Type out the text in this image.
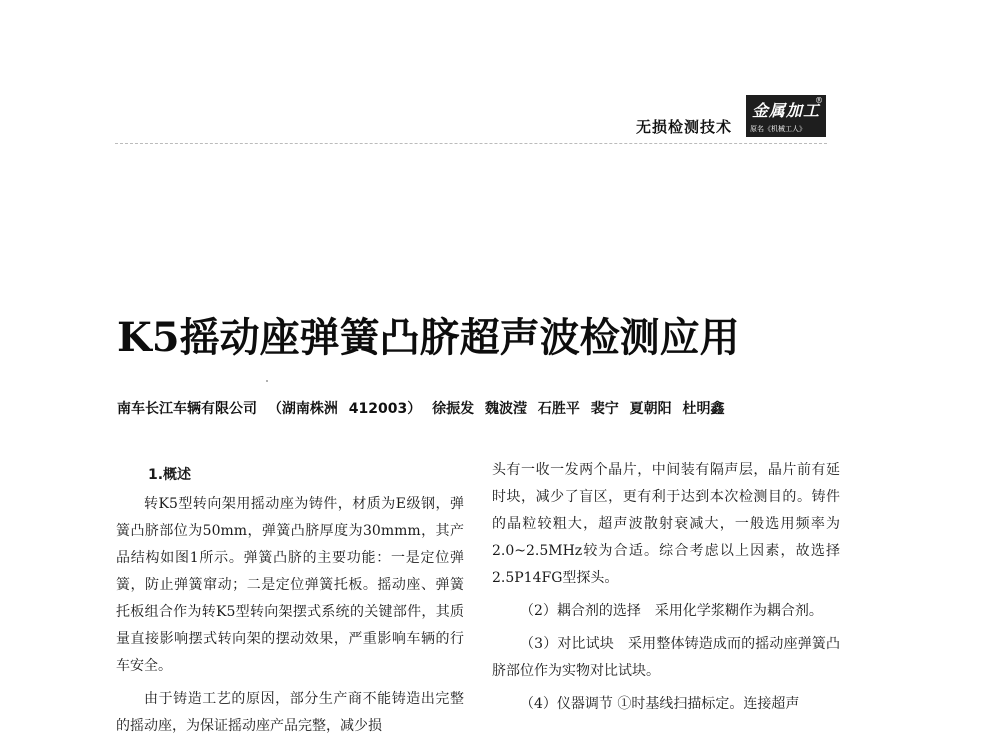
无损检测技术
金属加工
®
原名《机械工人》
K5摇动座弹簧凸脐超声波检测应用
南车长江车辆有限公司 （湖南株洲 412003） 徐振发 魏波滢 石胜平 裴宁 夏朝阳 杜明鑫

1.概述

转K5型转向架用摇动座为铸件，材质为E级钢，弹簧凸脐部位为50mm，弹簧凸脐厚度为30mmm，其产品结构如图1所示。弹簧凸脐的主要功能：一是定位弹簧，防止弹簧窜动；二是定位弹簧托板。摇动座、弹簧托板组合作为转K5型转向架摆式系统的关键部件，其质量直接影响摆式转向架的摆动效果，严重影响车辆的行车安全。

由于铸造工艺的原因，部分生产商不能铸造出完整的摇动座，为保证摇动座产品完整，减少损

头有一收一发两个晶片，中间装有隔声层，晶片前有延时块，减少了盲区，更有利于达到本次检测目的。铸件的晶粒较粗大，超声波散射衰减大，一般选用频率为2.0~2.5MHz较为合适。综合考虑以上因素，故选择2.5P14FG型探头。

（2）耦合剂的选择　采用化学浆糊作为耦合剂。

（3）对比试块　采用整体铸造成而的摇动座弹簧凸脐部位作为实物对比试块。

（4）仪器调节 ①时基线扫描标定。连接超声
